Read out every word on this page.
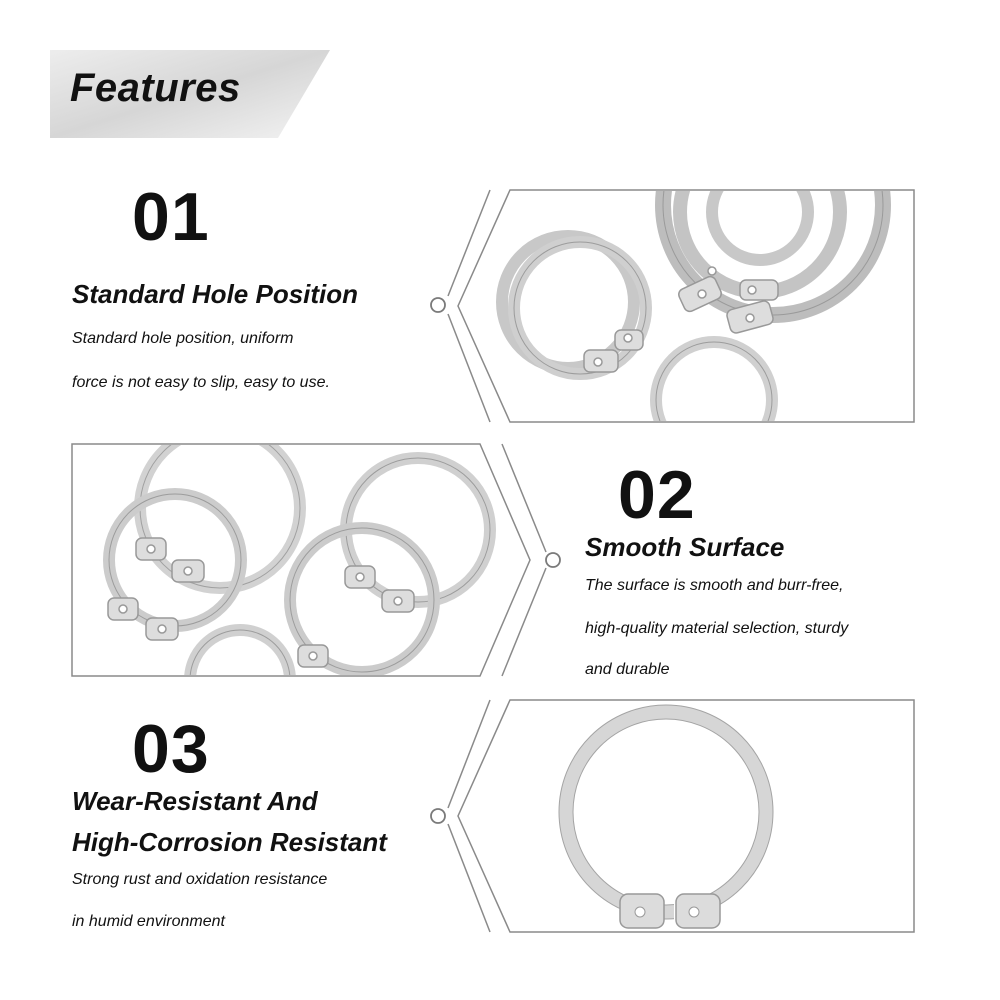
Features
01
Standard Hole Position
Standard hole position, uniform
force is not easy to slip, easy to use.
02
Smooth Surface
The surface is smooth and burr-free,
high-quality material selection, sturdy
and durable
03
Wear-Resistant And
High-Corrosion Resistant
Strong rust and oxidation resistance
in humid environment
